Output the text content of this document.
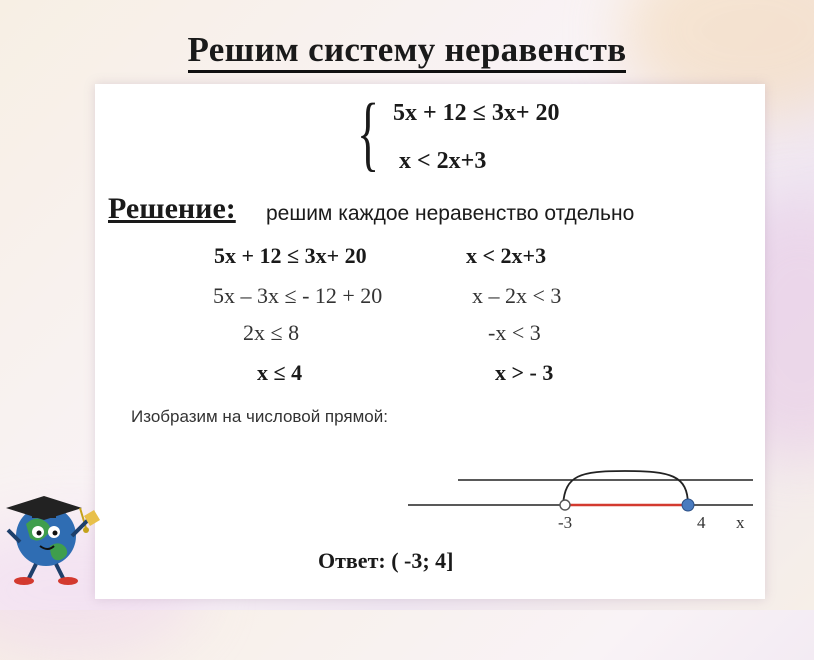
Решим систему неравенств
{ 5x + 12 ≤ 3x+ 20
x < 2x+3
Решение: решим каждое неравенство отдельно
5x + 12 ≤ 3x+ 20
5x – 3x ≤ - 12 + 20
2x ≤ 8
x ≤ 4
x < 2x+3
x – 2x < 3
-x < 3
x > - 3
Изобразим на числовой прямой:
-3	4 x
Ответ: ( -3; 4]
